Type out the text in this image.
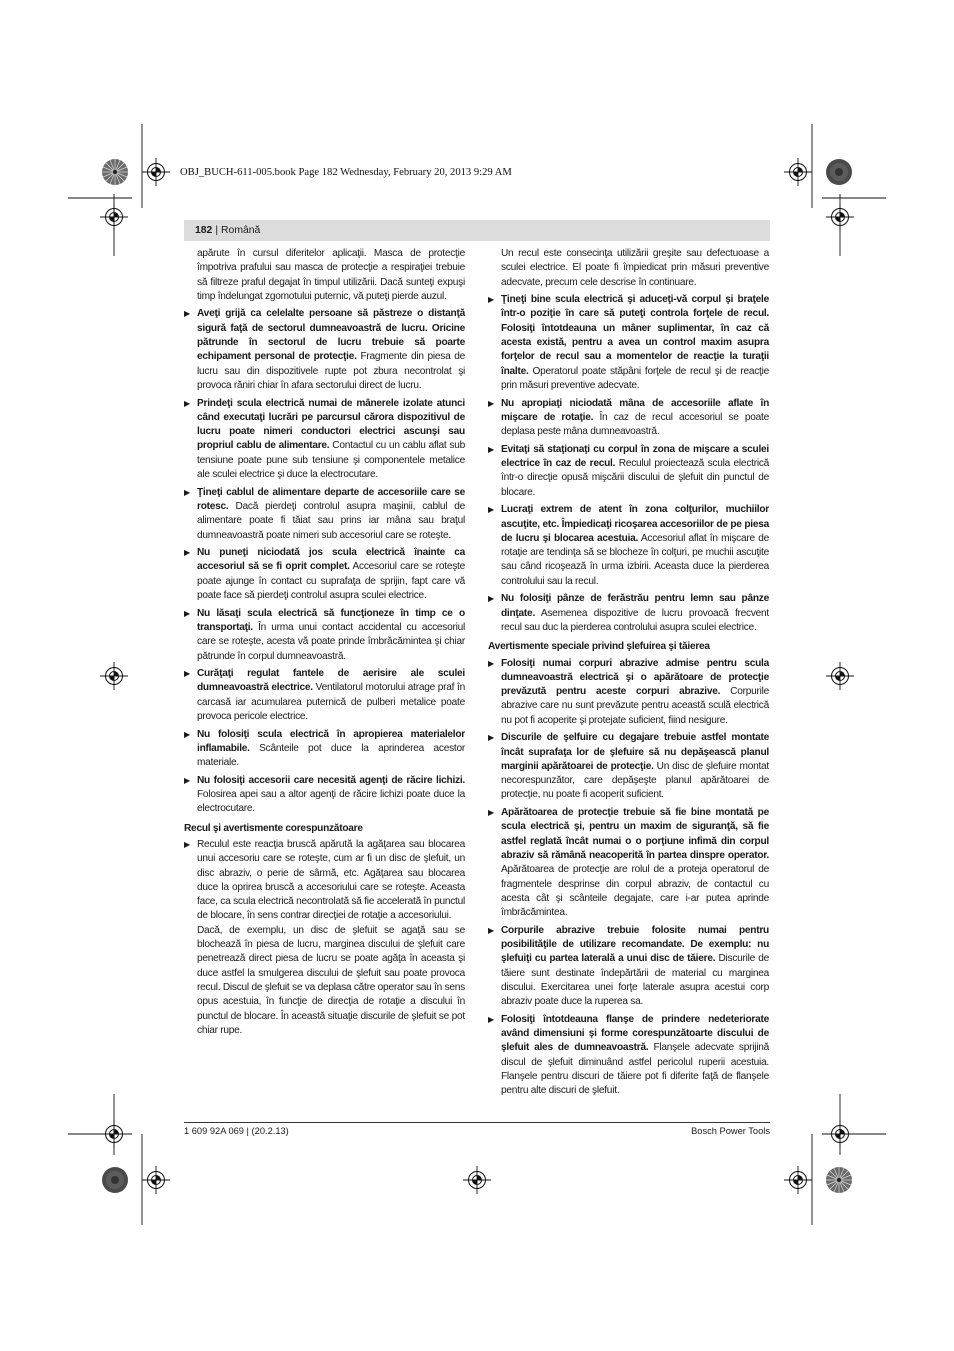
OBJ_BUCH-611-005.book Page 182 Wednesday, February 20, 2013 9:29 AM
182 | Română

apărute în cursul diferitelor aplicaţii. Masca de protecţie împotriva prafului sau masca de protecţie a respiraţiei trebuie să filtreze praful degajat în timpul utilizării. Dacă sunteţi expuşi timp îndelungat zgomotului puternic, vă puteţi pierde auzul.

▶ Aveţi grijă ca celelalte persoane să păstreze o distanţă sigură faţă de sectorul dumneavoastră de lucru. Oricine pătrunde în sectorul de lucru trebuie să poarte echipament personal de protecţie. Fragmente din piesa de lucru sau din dispozitivele rupte pot zbura necontrolat şi provoca răniri chiar în afara sectorului direct de lucru.

▶ Prindeţi scula electrică numai de mânerele izolate atunci când executaţi lucrări pe parcursul cărora dispozitivul de lucru poate nimeri conductori electrici ascunşi sau propriul cablu de alimentare. Contactul cu un cablu aflat sub tensiune poate pune sub tensiune şi componentele metalice ale sculei electrice şi duce la electrocutare.

▶ Ţineţi cablul de alimentare departe de accesoriile care se rotesc. Dacă pierdeţi controlul asupra maşinii, cablul de alimentare poate fi tăiat sau prins iar mâna sau braţul dumneavoastră poate nimeri sub accesoriul care se roteşte.

▶ Nu puneţi niciodată jos scula electrică înainte ca accesoriul să se fi oprit complet. Accesoriul care se roteşte poate ajunge în contact cu suprafaţa de sprijin, fapt care vă poate face să pierdeţi controlul asupra sculei electrice.

▶ Nu lăsaţi scula electrică să funcţioneze în timp ce o transportaţi. În urma unui contact accidental cu accesoriul care se roteşte, acesta vă poate prinde îmbrăcămintea şi chiar pătrunde în corpul dumneavoastră.

▶ Curăţaţi regulat fantele de aerisire ale sculei dumneavoastră electrice. Ventilatorul motorului atrage praf în carcasă iar acumularea puternică de pulberi metalice poate provoca pericole electrice.

▶ Nu folosiţi scula electrică în apropierea materialelor inflamabile. Scânteile pot duce la aprinderea acestor materiale.

▶ Nu folosiţi accesorii care necesită agenţi de răcire lichizi. Folosirea apei sau a altor agenţi de răcire lichizi poate duce la electrocutare.

Recul şi avertismente corespunzătoare

▶ Reculul este reacţia bruscă apărută la agăţarea sau blocarea unui accesoriu care se roteşte, cum ar fi un disc de şlefuit, un disc abraziv, o perie de sârmă, etc. Agăţarea sau blocarea duce la oprirea bruscă a accesoriului care se roteşte. Aceasta face, ca scula electrică necontrolată să fie accelerată în punctul de blocare, în sens contrar direcţiei de rotaţie a accesoriului.

Dacă, de exemplu, un disc de şlefuit se agaţă sau se blochează în piesa de lucru, marginea discului de şlefuit care penetrează direct piesa de lucru se poate agăţa în aceasta şi duce astfel la smulgerea discului de şlefuit sau poate provoca recul. Discul de şlefuit se va deplasa către operator sau în sens opus acestuia, în funcţie de direcţia de rotaţie a discului în punctul de blocare. În această situaţie discurile de şlefuit se pot chiar rupe.

Un recul este consecinţa utilizării greşite sau defectuoase a sculei electrice. El poate fi împiedicat prin măsuri preventive adecvate, precum cele descrise în continuare.

▶ Ţineţi bine scula electrică şi aduceţi-vă corpul şi braţele într-o poziţie în care să puteţi controla forţele de recul. Folosiţi întotdeauna un mâner suplimentar, în caz că acesta există, pentru a avea un control maxim asupra forţelor de recul sau a momentelor de reacţie la turaţii înalte. Operatorul poate stăpâni forţele de recul şi de reacţie prin măsuri preventive adecvate.

▶ Nu apropiaţi niciodată mâna de accesoriile aflate în mişcare de rotaţie. În caz de recul accesoriul se poate deplasa peste mâna dumneavoastră.

▶ Evitaţi să staţionaţi cu corpul în zona de mişcare a sculei electrice în caz de recul. Reculul proiectează scula electrică într-o direcţie opusă mişcării discului de şlefuit din punctul de blocare.

▶ Lucraţi extrem de atent în zona colţurilor, muchiilor ascuţite, etc. Împiedicaţi ricoşarea accesoriilor de pe piesa de lucru şi blocarea acestuia. Accesoriul aflat în mişcare de rotaţie are tendinţa să se blocheze în colţuri, pe muchii ascuţite sau când ricoşează în urma izbirii. Aceasta duce la pierderea controlului sau la recul.

▶ Nu folosiţi pânze de ferăstrău pentru lemn sau pânze dinţate. Asemenea dispozitive de lucru provoacă frecvent recul sau duc la pierderea controlului asupra sculei electrice.

Avertismente speciale privind şlefuirea şi tăierea

▶ Folosiţi numai corpuri abrazive admise pentru scula dumneavoastră electrică şi o apărătoare de protecţie prevăzută pentru aceste corpuri abrazive. Corpurile abrazive care nu sunt prevăzute pentru această sculă electrică nu pot fi acoperite şi protejate suficient, fiind nesigure.

▶ Discurile de şelfuire cu degajare trebuie astfel montate încât suprafaţa lor de şlefuire să nu depăşească planul marginii apărătoarei de protecţie. Un disc de şlefuire montat necorespunzător, care depăşeşte planul apărătoarei de protecţie, nu poate fi acoperit suficient.

▶ Apărătoarea de protecţie trebuie să fie bine montată pe scula electrică şi, pentru un maxim de siguranţă, să fie astfel reglată încât numai o o porţiune infimă din corpul abraziv să rămână neacoperită în partea dinspre operator. Apărătoarea de protecţie are rolul de a proteja operatorul de fragmentele desprinse din corpul abraziv, de contactul cu acesta cât şi scânteile degajate, care i-ar putea aprinde îmbrăcămintea.

▶ Corpurile abrazive trebuie folosite numai pentru posibilităţile de utilizare recomandate. De exemplu: nu şlefuiţi cu partea laterală a unui disc de tăiere. Discurile de tăiere sunt destinate îndepărtării de material cu marginea discului. Exercitarea unei forţe laterale asupra acestui corp abraziv poate duce la ruperea sa.

▶ Folosiţi întotdeauna flanşe de prindere nedeteriorate având dimensiuni şi forme corespunzătoarte discului de şlefuit ales de dumneavoastră. Flanşele adecvate sprijină discul de şlefuit diminuând astfel pericolul ruperii acestuia. Flanşele pentru discuri de tăiere pot fi diferite faţă de flanşele pentru alte discuri de şlefuit.

1 609 92A 069 | (20.2.13)	Bosch Power Tools
